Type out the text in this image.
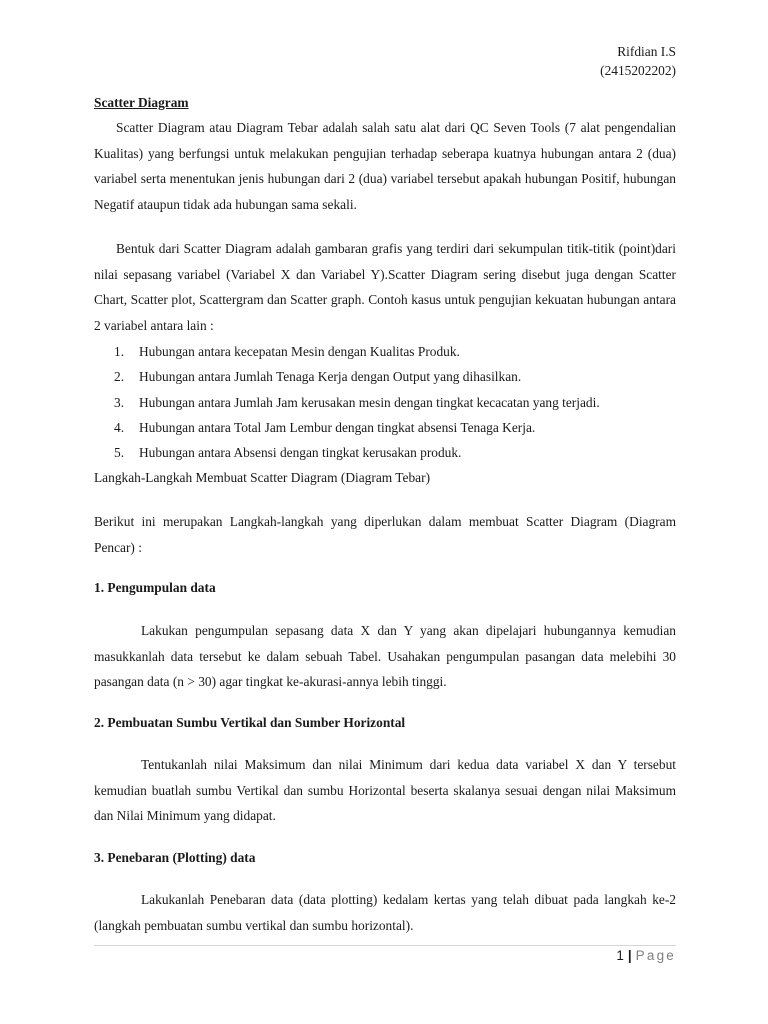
Rifdian I.S
(2415202202)
Scatter Diagram

Scatter Diagram atau Diagram Tebar adalah salah satu alat dari QC Seven Tools (7 alat pengendalian Kualitas) yang berfungsi untuk melakukan pengujian terhadap seberapa kuatnya hubungan antara 2 (dua) variabel serta menentukan jenis hubungan dari 2 (dua) variabel tersebut apakah hubungan Positif, hubungan Negatif ataupun tidak ada hubungan sama sekali.

Bentuk dari Scatter Diagram adalah gambaran grafis yang terdiri dari sekumpulan titik-titik (point)dari nilai sepasang variabel (Variabel X dan Variabel Y).Scatter Diagram sering disebut juga dengan Scatter Chart, Scatter plot, Scattergram dan Scatter graph. Contoh kasus untuk pengujian kekuatan hubungan antara 2 variabel antara lain :

1. Hubungan antara kecepatan Mesin dengan Kualitas Produk.
2. Hubungan antara Jumlah Tenaga Kerja dengan Output yang dihasilkan.
3. Hubungan antara Jumlah Jam kerusakan mesin dengan tingkat kecacatan yang terjadi.
4. Hubungan antara Total Jam Lembur dengan tingkat absensi Tenaga Kerja.
5. Hubungan antara Absensi dengan tingkat kerusakan produk.
Langkah-Langkah Membuat Scatter Diagram (Diagram Tebar)

Berikut ini merupakan Langkah-langkah yang diperlukan dalam membuat Scatter Diagram (Diagram Pencar) :

1. Pengumpulan data

Lakukan pengumpulan sepasang data X dan Y yang akan dipelajari hubungannya kemudian masukkanlah data tersebut ke dalam sebuah Tabel. Usahakan pengumpulan pasangan data melebihi 30 pasangan data (n > 30) agar tingkat ke-akurasi-annya lebih tinggi.

2. Pembuatan Sumbu Vertikal dan Sumber Horizontal

Tentukanlah nilai Maksimum dan nilai Minimum dari kedua data variabel X dan Y tersebut kemudian buatlah sumbu Vertikal dan sumbu Horizontal beserta skalanya sesuai dengan nilai Maksimum dan Nilai Minimum yang didapat.

3. Penebaran (Plotting) data

Lakukanlah Penebaran data (data plotting) kedalam kertas yang telah dibuat pada langkah ke-2 (langkah pembuatan sumbu vertikal dan sumbu horizontal).

1 | Page
